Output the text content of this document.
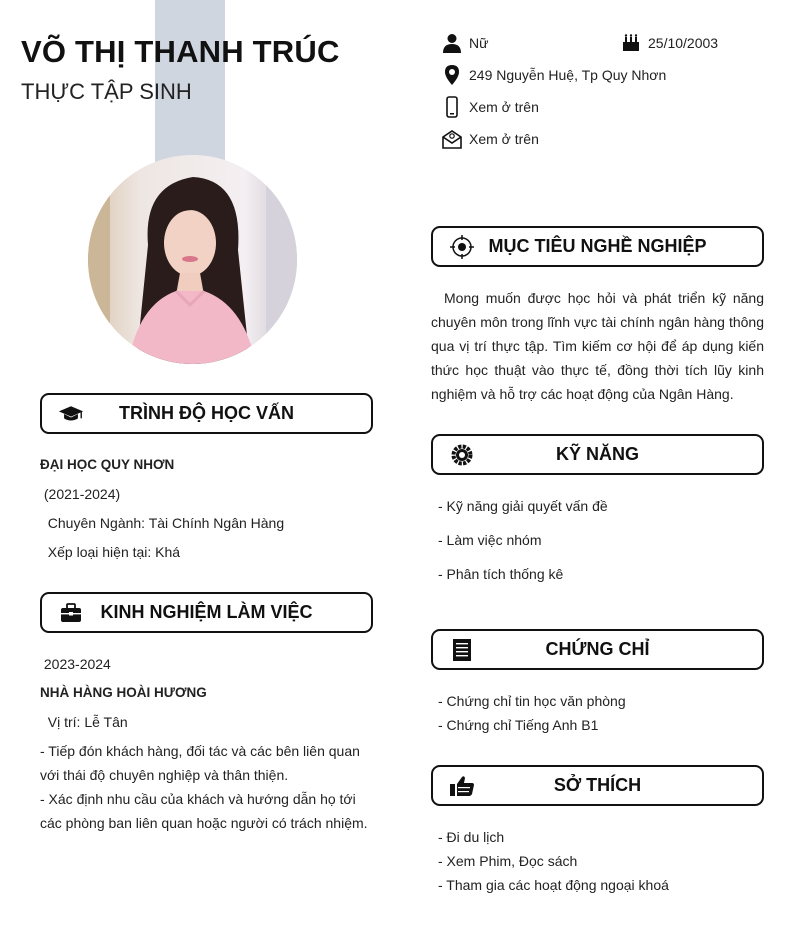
VÕ THỊ THANH TRÚC
THỰC TẬP SINH
Nữ	25/10/2003
249 Nguyễn Huệ, Tp Quy Nhơn
Xem ở trên
Xem ở trên
TRÌNH ĐỘ HỌC VẤN
ĐẠI HỌC QUY NHƠN
(2021-2024)
Chuyên Ngành: Tài Chính Ngân Hàng
Xếp loại hiện tại: Khá
KINH NGHIỆM LÀM VIỆC
2023-2024
NHÀ HÀNG HOÀI HƯƠNG
Vị trí: Lễ Tân
- Tiếp đón khách hàng, đối tác và các bên liên quan với thái độ chuyên nghiệp và thân thiện.
- Xác định nhu cầu của khách và hướng dẫn họ tới các phòng ban liên quan hoặc người có trách nhiệm.
MỤC TIÊU NGHỀ NGHIỆP
Mong muốn được học hỏi và phát triển kỹ năng chuyên môn trong lĩnh vực tài chính ngân hàng thông qua vị trí thực tập. Tìm kiếm cơ hội để áp dụng kiến thức học thuật vào thực tế, đồng thời tích lũy kinh nghiệm và hỗ trợ các hoạt động của Ngân Hàng.
KỸ NĂNG
- Kỹ năng giải quyết vấn đề
- Làm việc nhóm
- Phân tích thống kê
CHỨNG CHỈ
- Chứng chỉ tin học văn phòng
- Chứng chỉ Tiếng Anh B1
SỞ THÍCH
- Đi du lịch
- Xem Phim, Đọc sách
- Tham gia các hoạt động ngoại khoá
